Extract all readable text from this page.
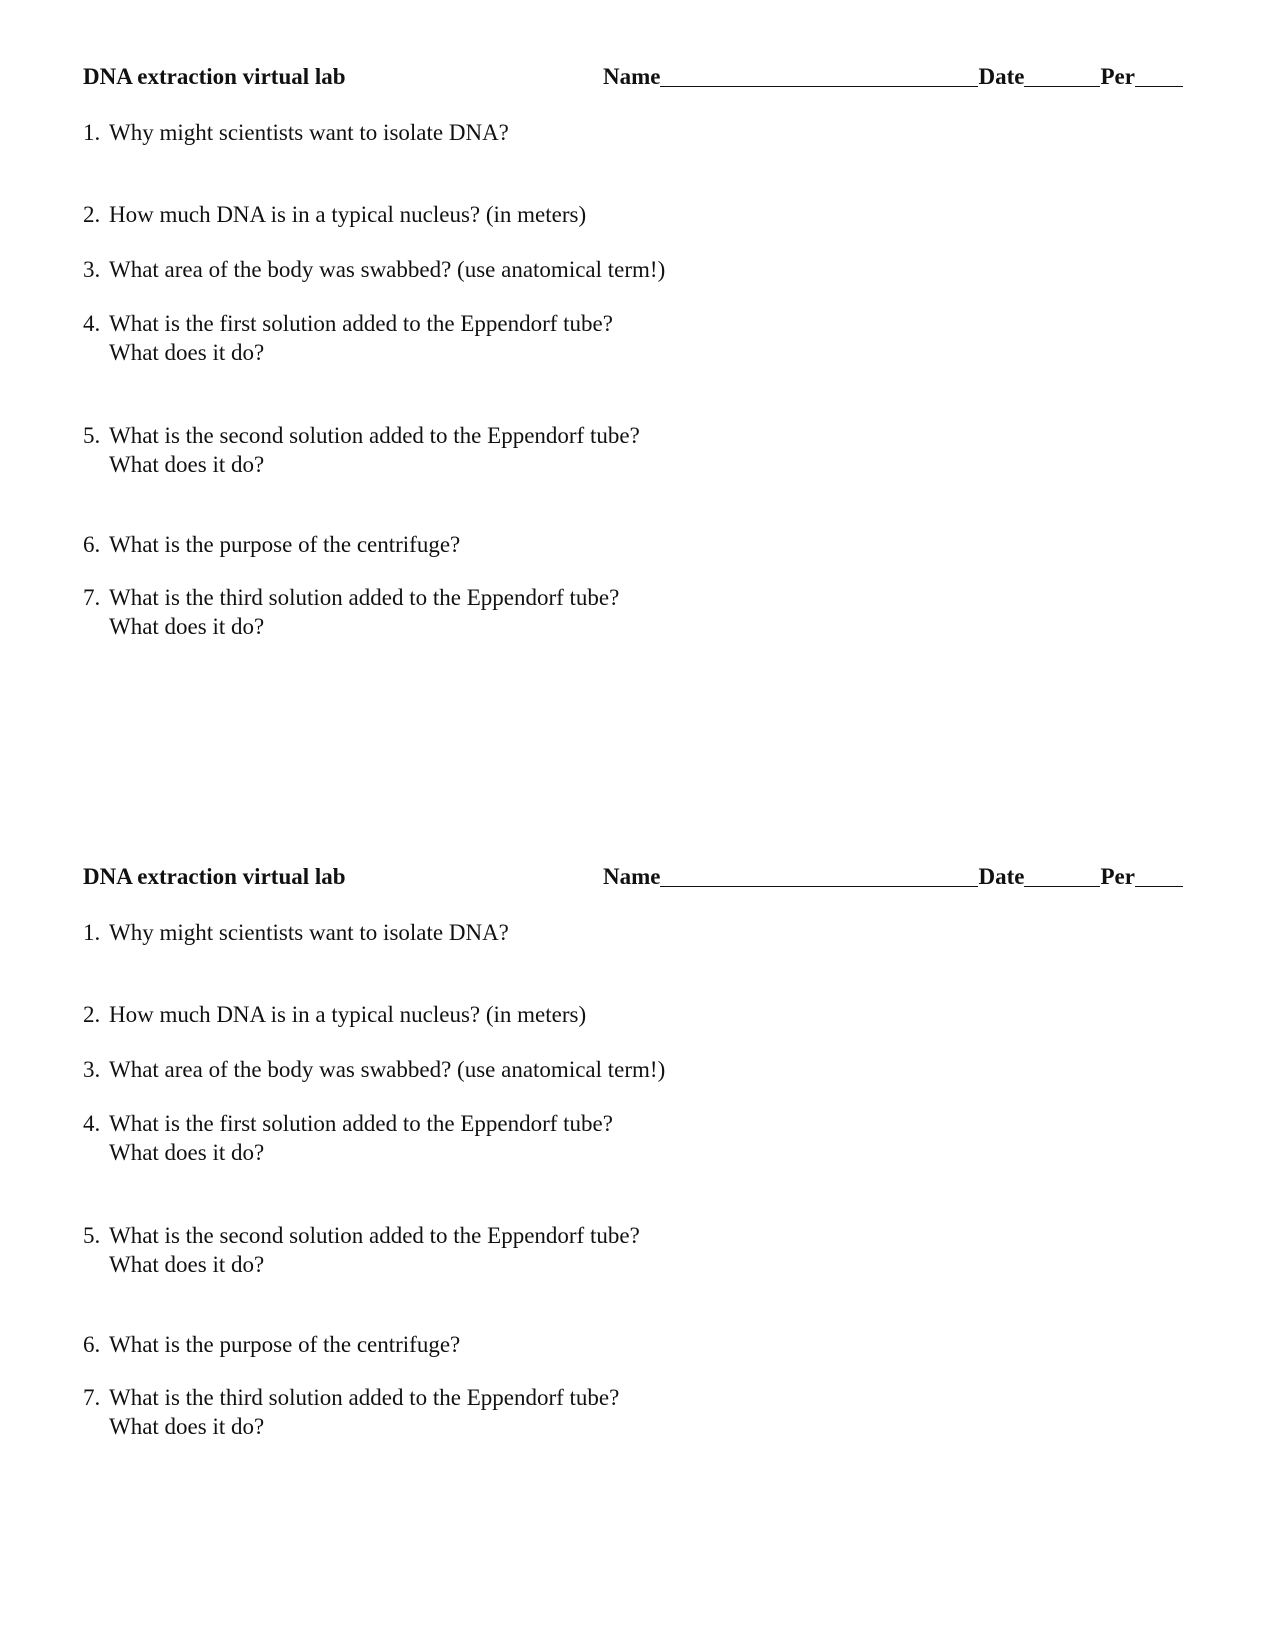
DNA extraction virtual lab	Name	Date	Per
1. Why might scientists want to isolate DNA?
2. How much DNA is in a typical nucleus? (in meters)
3. What area of the body was swabbed? (use anatomical term!)
4. What is the first solution added to the Eppendorf tube?
What does it do?
5. What is the second solution added to the Eppendorf tube?
What does it do?
6. What is the purpose of the centrifuge?
7. What is the third solution added to the Eppendorf tube?
What does it do?
DNA extraction virtual lab	Name	Date	Per
1. Why might scientists want to isolate DNA?
2. How much DNA is in a typical nucleus? (in meters)
3. What area of the body was swabbed? (use anatomical term!)
4. What is the first solution added to the Eppendorf tube?
What does it do?
5. What is the second solution added to the Eppendorf tube?
What does it do?
6. What is the purpose of the centrifuge?
7. What is the third solution added to the Eppendorf tube?
What does it do?
